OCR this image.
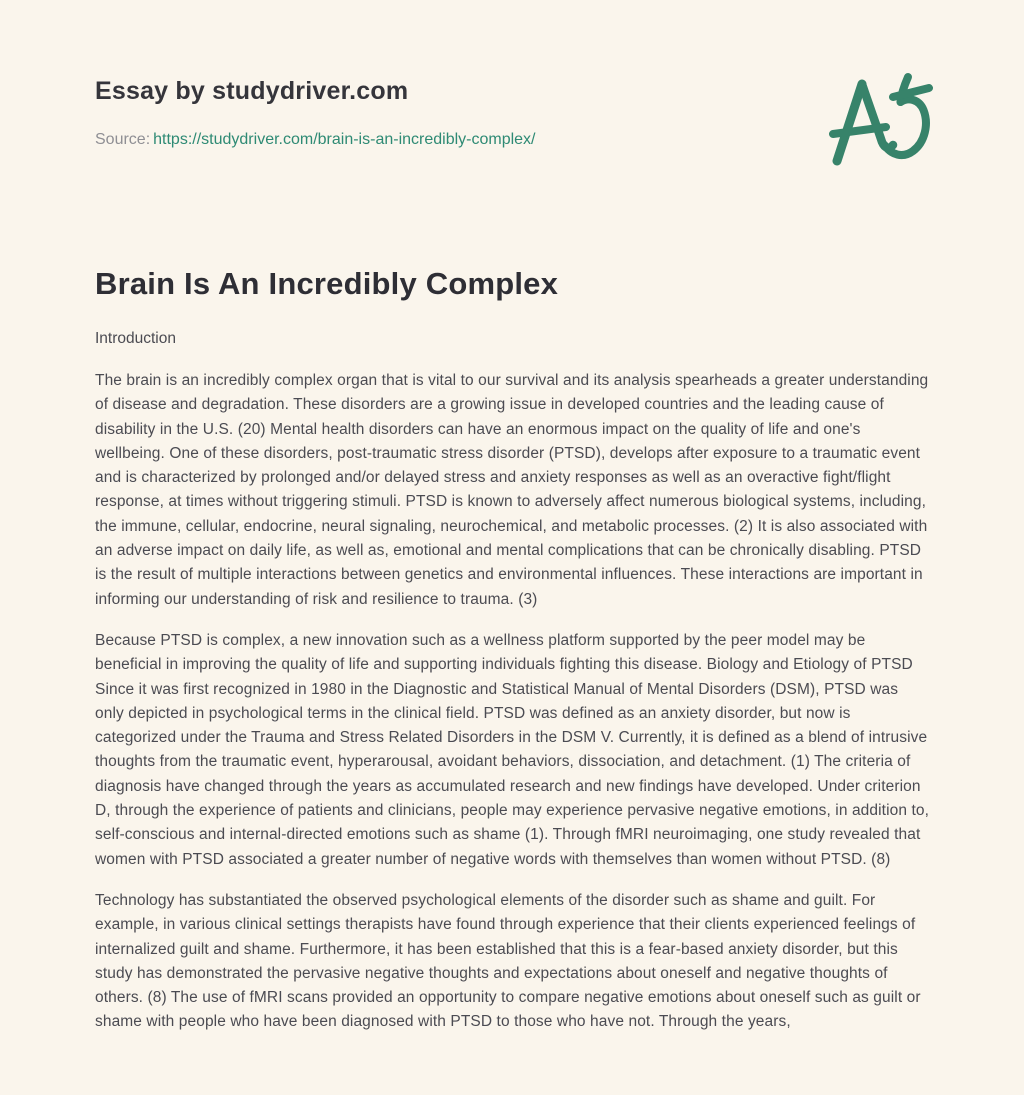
Essay by studydriver.com

Source: https://studydriver.com/brain-is-an-incredibly-complex/

Brain Is An Incredibly Complex

Introduction

The brain is an incredibly complex organ that is vital to our survival and its analysis spearheads a greater understanding of disease and degradation. These disorders are a growing issue in developed countries and the leading cause of disability in the U.S. (20) Mental health disorders can have an enormous impact on the quality of life and one's wellbeing. One of these disorders, post-traumatic stress disorder (PTSD), develops after exposure to a traumatic event and is characterized by prolonged and/or delayed stress and anxiety responses as well as an overactive fight/flight response, at times without triggering stimuli. PTSD is known to adversely affect numerous biological systems, including, the immune, cellular, endocrine, neural signaling, neurochemical, and metabolic processes. (2) It is also associated with an adverse impact on daily life, as well as, emotional and mental complications that can be chronically disabling. PTSD is the result of multiple interactions between genetics and environmental influences. These interactions are important in informing our understanding of risk and resilience to trauma. (3)

Because PTSD is complex, a new innovation such as a wellness platform supported by the peer model may be beneficial in improving the quality of life and supporting individuals fighting this disease. Biology and Etiology of PTSD Since it was first recognized in 1980 in the Diagnostic and Statistical Manual of Mental Disorders (DSM), PTSD was only depicted in psychological terms in the clinical field. PTSD was defined as an anxiety disorder, but now is categorized under the Trauma and Stress Related Disorders in the DSM V. Currently, it is defined as a blend of intrusive thoughts from the traumatic event, hyperarousal, avoidant behaviors, dissociation, and detachment. (1) The criteria of diagnosis have changed through the years as accumulated research and new findings have developed. Under criterion D, through the experience of patients and clinicians, people may experience pervasive negative emotions, in addition to, self-conscious and internal-directed emotions such as shame (1). Through fMRI neuroimaging, one study revealed that women with PTSD associated a greater number of negative words with themselves than women without PTSD. (8)

Technology has substantiated the observed psychological elements of the disorder such as shame and guilt. For example, in various clinical settings therapists have found through experience that their clients experienced feelings of internalized guilt and shame. Furthermore, it has been established that this is a fear-based anxiety disorder, but this study has demonstrated the pervasive negative thoughts and expectations about oneself and negative thoughts of others. (8) The use of fMRI scans provided an opportunity to compare negative emotions about oneself such as guilt or shame with people who have been diagnosed with PTSD to those who have not. Through the years,
